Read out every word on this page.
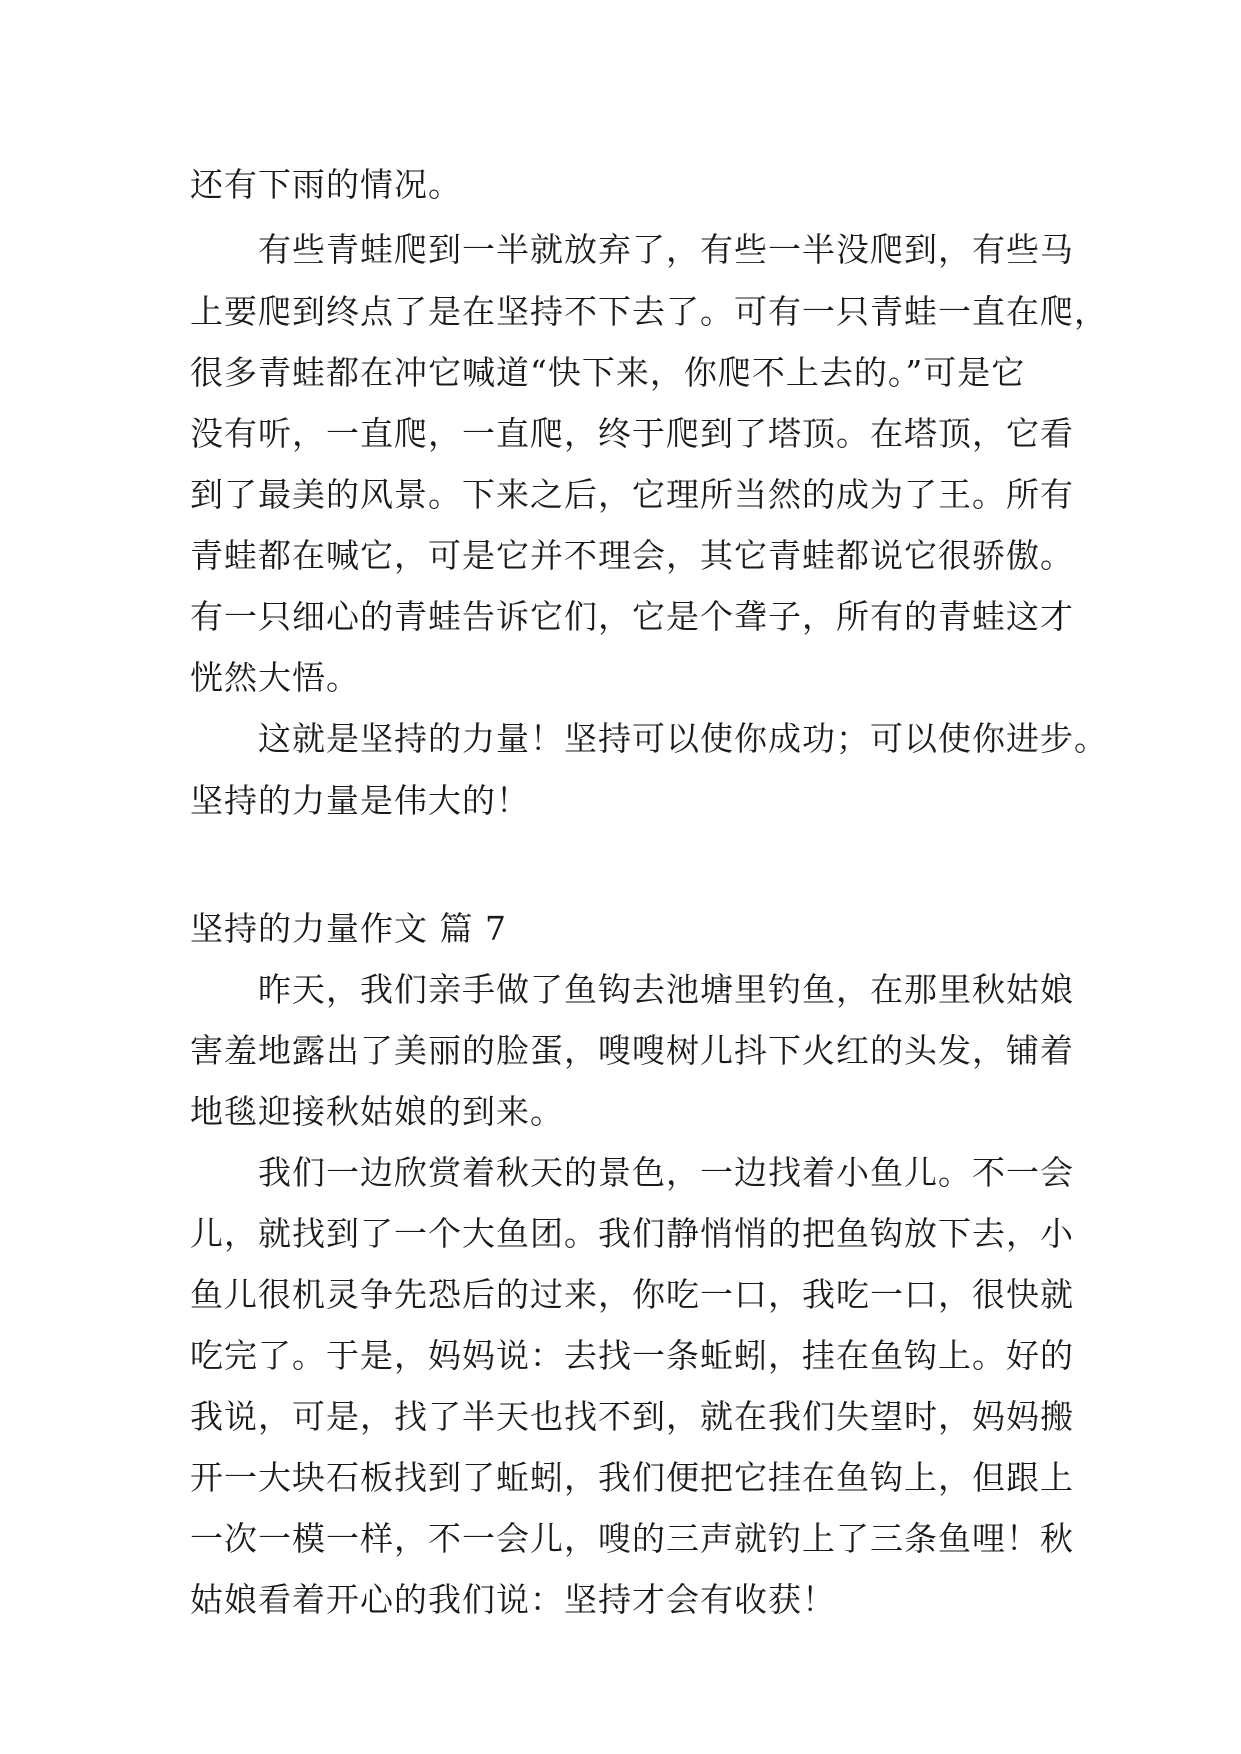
还有下雨的情况。
有些青蛙爬到一半就放弃了，有些一半没爬到，有些马
上要爬到终点了是在坚持不下去了。可有一只青蛙一直在爬，
很多青蛙都在冲它喊道“快下来，你爬不上去的。”可是它
没有听，一直爬，一直爬，终于爬到了塔顶。在塔顶，它看
到了最美的风景。下来之后，它理所当然的成为了王。所有
青蛙都在喊它，可是它并不理会，其它青蛙都说它很骄傲。
有一只细心的青蛙告诉它们，它是个聋子，所有的青蛙这才
恍然大悟。
这就是坚持的力量！坚持可以使你成功；可以使你进步。
坚持的力量是伟大的！
坚持的力量作文 篇 7
昨天，我们亲手做了鱼钩去池塘里钓鱼，在那里秋姑娘
害羞地露出了美丽的脸蛋，嗖嗖树儿抖下火红的头发，铺着
地毯迎接秋姑娘的到来。
我们一边欣赏着秋天的景色，一边找着小鱼儿。不一会
儿，就找到了一个大鱼团。我们静悄悄的把鱼钩放下去，小
鱼儿很机灵争先恐后的过来，你吃一口，我吃一口，很快就
吃完了。于是，妈妈说：去找一条蚯蚓，挂在鱼钩上。好的
我说，可是，找了半天也找不到，就在我们失望时，妈妈搬
开一大块石板找到了蚯蚓，我们便把它挂在鱼钩上，但跟上
一次一模一样，不一会儿，嗖的三声就钓上了三条鱼哩！秋
姑娘看着开心的我们说：坚持才会有收获！
